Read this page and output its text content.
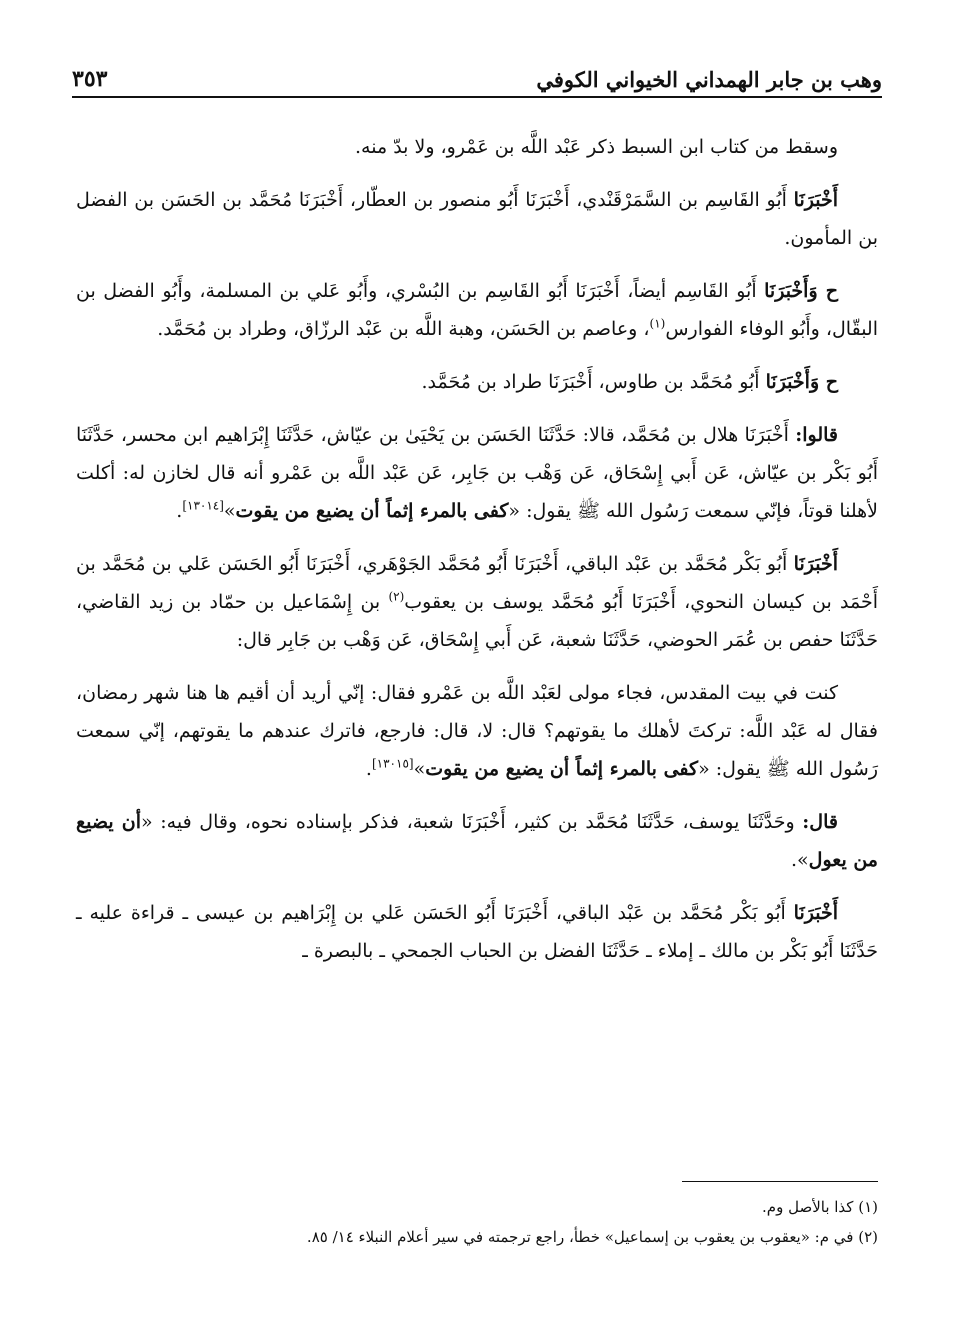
وهب بن جابر الهمداني الخيواني الكوفي
٣٥٣

وسقط من كتاب ابن السبط ذكر عَبْد اللَّه بن عَمْرو، ولا بدّ منه.

أَخْبَرَنَا أَبُو القَاسِم بن السَّمَرْقَنْدي، أَخْبَرَنَا أَبُو منصور بن العطّار، أَخْبَرَنَا مُحَمَّد بن الحَسَن بن الفضل بن المأمون.

ح وَأَخْبَرَنَا أَبُو القَاسِم أيضاً، أَخْبَرَنَا أَبُو القَاسِم بن البُسْري، وأَبُو عَلي بن المسلمة، وأَبُو الفضل بن البقّال، وأَبُو الوفاء الفوارس$^{(١)}$، وعاصم بن الحَسَن، وهبة اللَّه بن عَبْد الرزّاق، وطراد بن مُحَمَّد.

ح وَأَخْبَرَنَا أَبُو مُحَمَّد بن طاوس، أَخْبَرَنَا طراد بن مُحَمَّد.

قالوا: أَخْبَرَنَا هلال بن مُحَمَّد، قالا: حَدَّثَنَا الحَسَن بن يَحْيَىٰ بن عيّاش، حَدَّثَنَا إِبْرَاهيم ابن محسر، حَدَّثَنَا أَبُو بَكْر بن عيّاش، عَن أَبي إِسْحَاق، عَن وَهْب بن جَابِر، عَن عَبْد اللَّه بن عَمْرو أنه قال لخازن له: أكلت لأهلنا قوتاً، فإنّي سمعت رَسُول الله ﷺ يقول: «كفى بالمرء إثماً أن يضيع من يقوت»[١٣٠١٤].

أَخْبَرَنَا أَبُو بَكْر مُحَمَّد بن عَبْد الباقي، أَخْبَرَنَا أَبُو مُحَمَّد الجَوْهَري، أَخْبَرَنَا أَبُو الحَسَن عَلي بن مُحَمَّد بن أَحْمَد بن كيسان النحوي، أَخْبَرَنَا أَبُو مُحَمَّد يوسف بن يعقوب$^{(٢)}$ بن إِسْمَاعيل بن حمّاد بن زيد القاضي، حَدَّثَنَا حفص بن عُمَر الحوضي، حَدَّثَنَا شعبة، عَن أَبي إِسْحَاق، عَن وَهْب بن جَابِر قال:

كنت في بيت المقدس، فجاء مولى لعَبْد اللَّه بن عَمْرو فقال: إنّي أريد أن أقيم ها هنا شهر رمضان، فقال له عَبْد اللَّه: تركتَ لأهلك ما يقوتهم؟ قال: لا، قال: فارجع، فاترك عندهم ما يقوتهم، إنّي سمعت رَسُول الله ﷺ يقول: «كفى بالمرء إثماً أن يضيع من يقوت»[١٣٠١٥].

قال: وحَدَّثَنَا يوسف، حَدَّثَنَا مُحَمَّد بن كثير، أَخْبَرَنَا شعبة، فذكر بإسناده نحوه، وقال فيه: «أن يضيع من يعول».

أَخْبَرَنَا أَبُو بَكْر مُحَمَّد بن عَبْد الباقي، أَخْبَرَنَا أَبُو الحَسَن عَلي بن إِبْرَاهيم بن عيسى ـ قراءة عليه ـ حَدَّثَنَا أَبُو بَكْر بن مالك ـ إملاء ـ حَدَّثَنَا الفضل بن الحباب الجمحي ـ بالبصرة ـ

(١) كذا بالأصل وم.
(٢) في م: «يعقوب بن يعقوب بن إسماعيل» خطأ، راجع ترجمته في سير أعلام النبلاء ١٤/ ٨٥.
